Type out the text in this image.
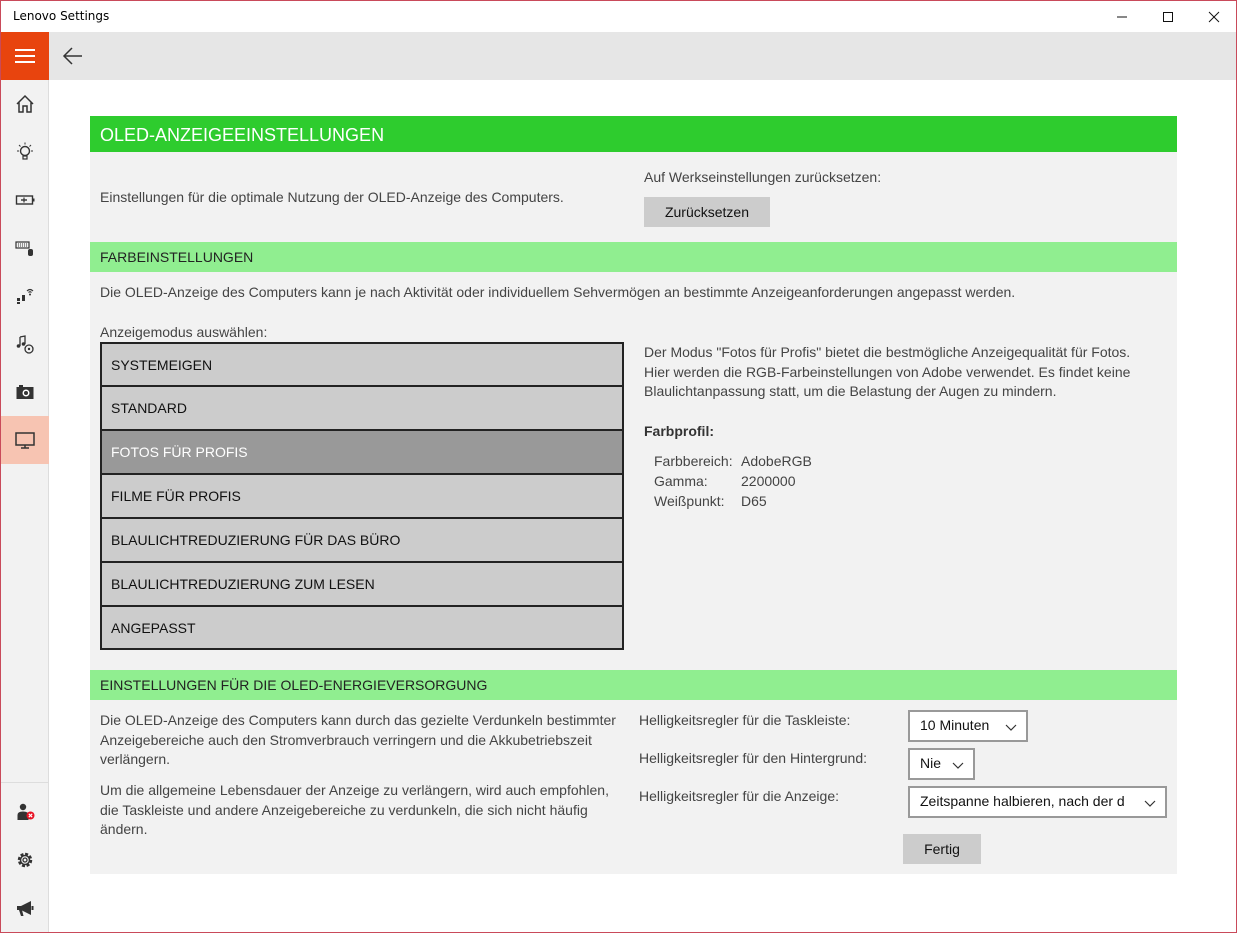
Lenovo Settings
OLED-ANZEIGEEINSTELLUNGEN
Einstellungen für die optimale Nutzung der OLED-Anzeige des Computers.
Auf Werkseinstellungen zurücksetzen:
Zurücksetzen
FARBEINSTELLUNGEN
Die OLED-Anzeige des Computers kann je nach Aktivität oder individuellem Sehvermögen an bestimmte Anzeigeanforderungen angepasst werden.
Anzeigemodus auswählen:
Der Modus "Fotos für Profis" bietet die bestmögliche Anzeigequalität für Fotos. Hier werden die RGB-Farbeinstellungen von Adobe verwendet. Es findet keine Blaulichtanpassung statt, um die Belastung der Augen zu mindern.
Farbprofil:
Farbbereich: AdobeRGB
Gamma: 2200000
Weißpunkt: D65
SYSTEMEIGEN
STANDARD
FOTOS FÜR PROFIS
FILME FÜR PROFIS
BLAULICHTREDUZIERUNG FÜR DAS BÜRO
BLAULICHTREDUZIERUNG ZUM LESEN
ANGEPASST
EINSTELLUNGEN FÜR DIE OLED-ENERGIEVERSORGUNG
Die OLED-Anzeige des Computers kann durch das gezielte Verdunkeln bestimmter Anzeigebereiche auch den Stromverbrauch verringern und die Akkubetriebszeit verlängern.
Um die allgemeine Lebensdauer der Anzeige zu verlängern, wird auch empfohlen, die Taskleiste und andere Anzeigebereiche zu verdunkeln, die sich nicht häufig ändern.
Helligkeitsregler für die Taskleiste:	10 Minuten
Helligkeitsregler für den Hintergrund:	Nie
Helligkeitsregler für die Anzeige:	Zeitspanne halbieren, nach der d
Fertig
